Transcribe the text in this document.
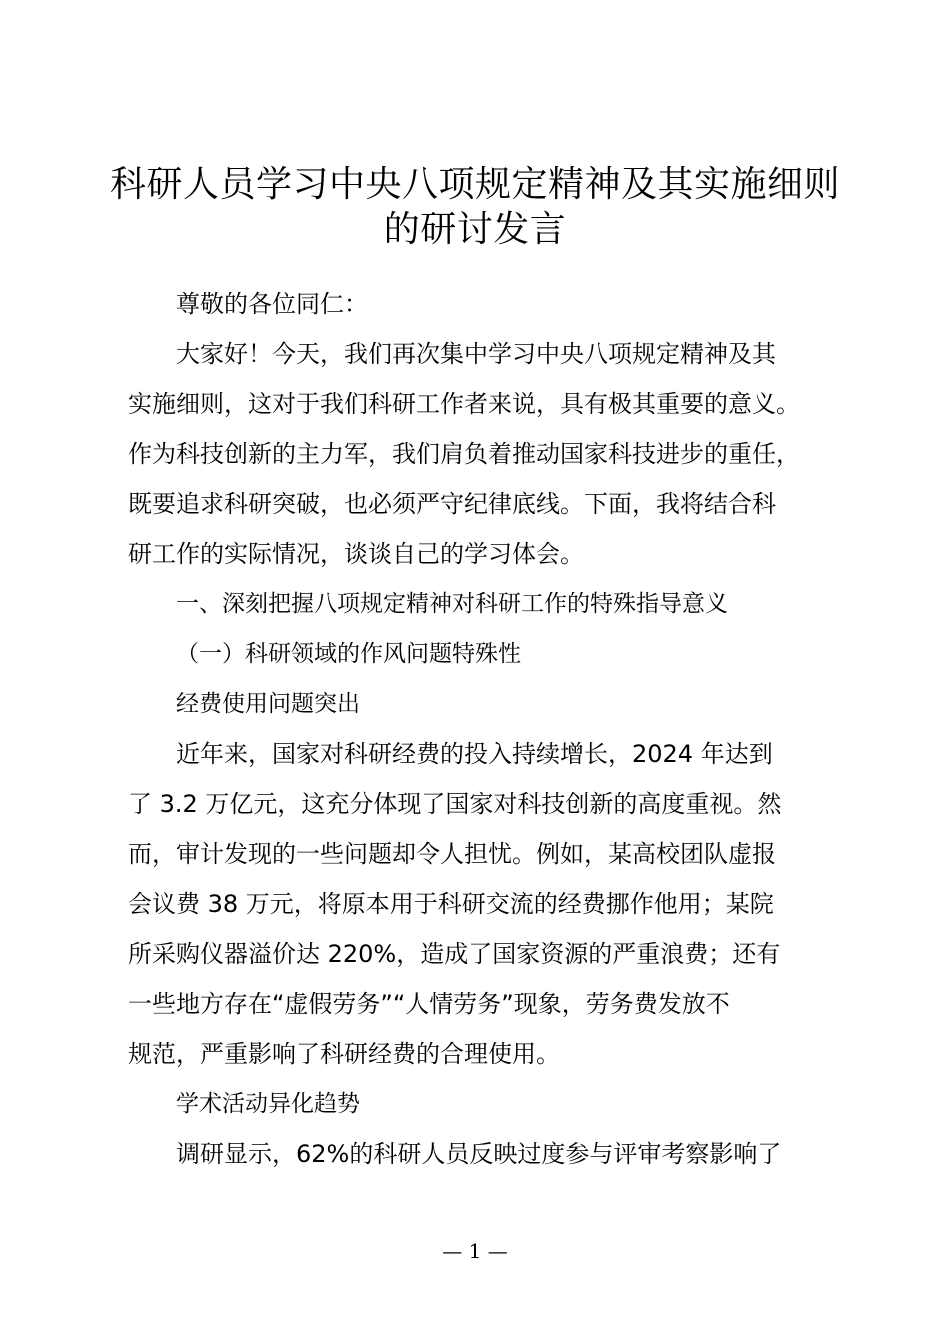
科研人员学习中央八项规定精神及其实施细则
的研讨发言
尊敬的各位同仁：
大家好！今天，我们再次集中学习中央八项规定精神及其
实施细则，这对于我们科研工作者来说，具有极其重要的意义。
作为科技创新的主力军，我们肩负着推动国家科技进步的重任，
既要追求科研突破，也必须严守纪律底线。下面，我将结合科
研工作的实际情况，谈谈自己的学习体会。
一、深刻把握八项规定精神对科研工作的特殊指导意义
（一）科研领域的作风问题特殊性
经费使用问题突出
近年来，国家对科研经费的投入持续增长，2024 年达到
了 3.2 万亿元，这充分体现了国家对科技创新的高度重视。然
而，审计发现的一些问题却令人担忧。例如，某高校团队虚报
会议费 38 万元，将原本用于科研交流的经费挪作他用；某院
所采购仪器溢价达 220%，造成了国家资源的严重浪费；还有
一些地方存在“虚假劳务”“人情劳务”现象，劳务费发放不
规范，严重影响了科研经费的合理使用。
学术活动异化趋势
调研显示，62%的科研人员反映过度参与评审考察影响了
— 1 —
